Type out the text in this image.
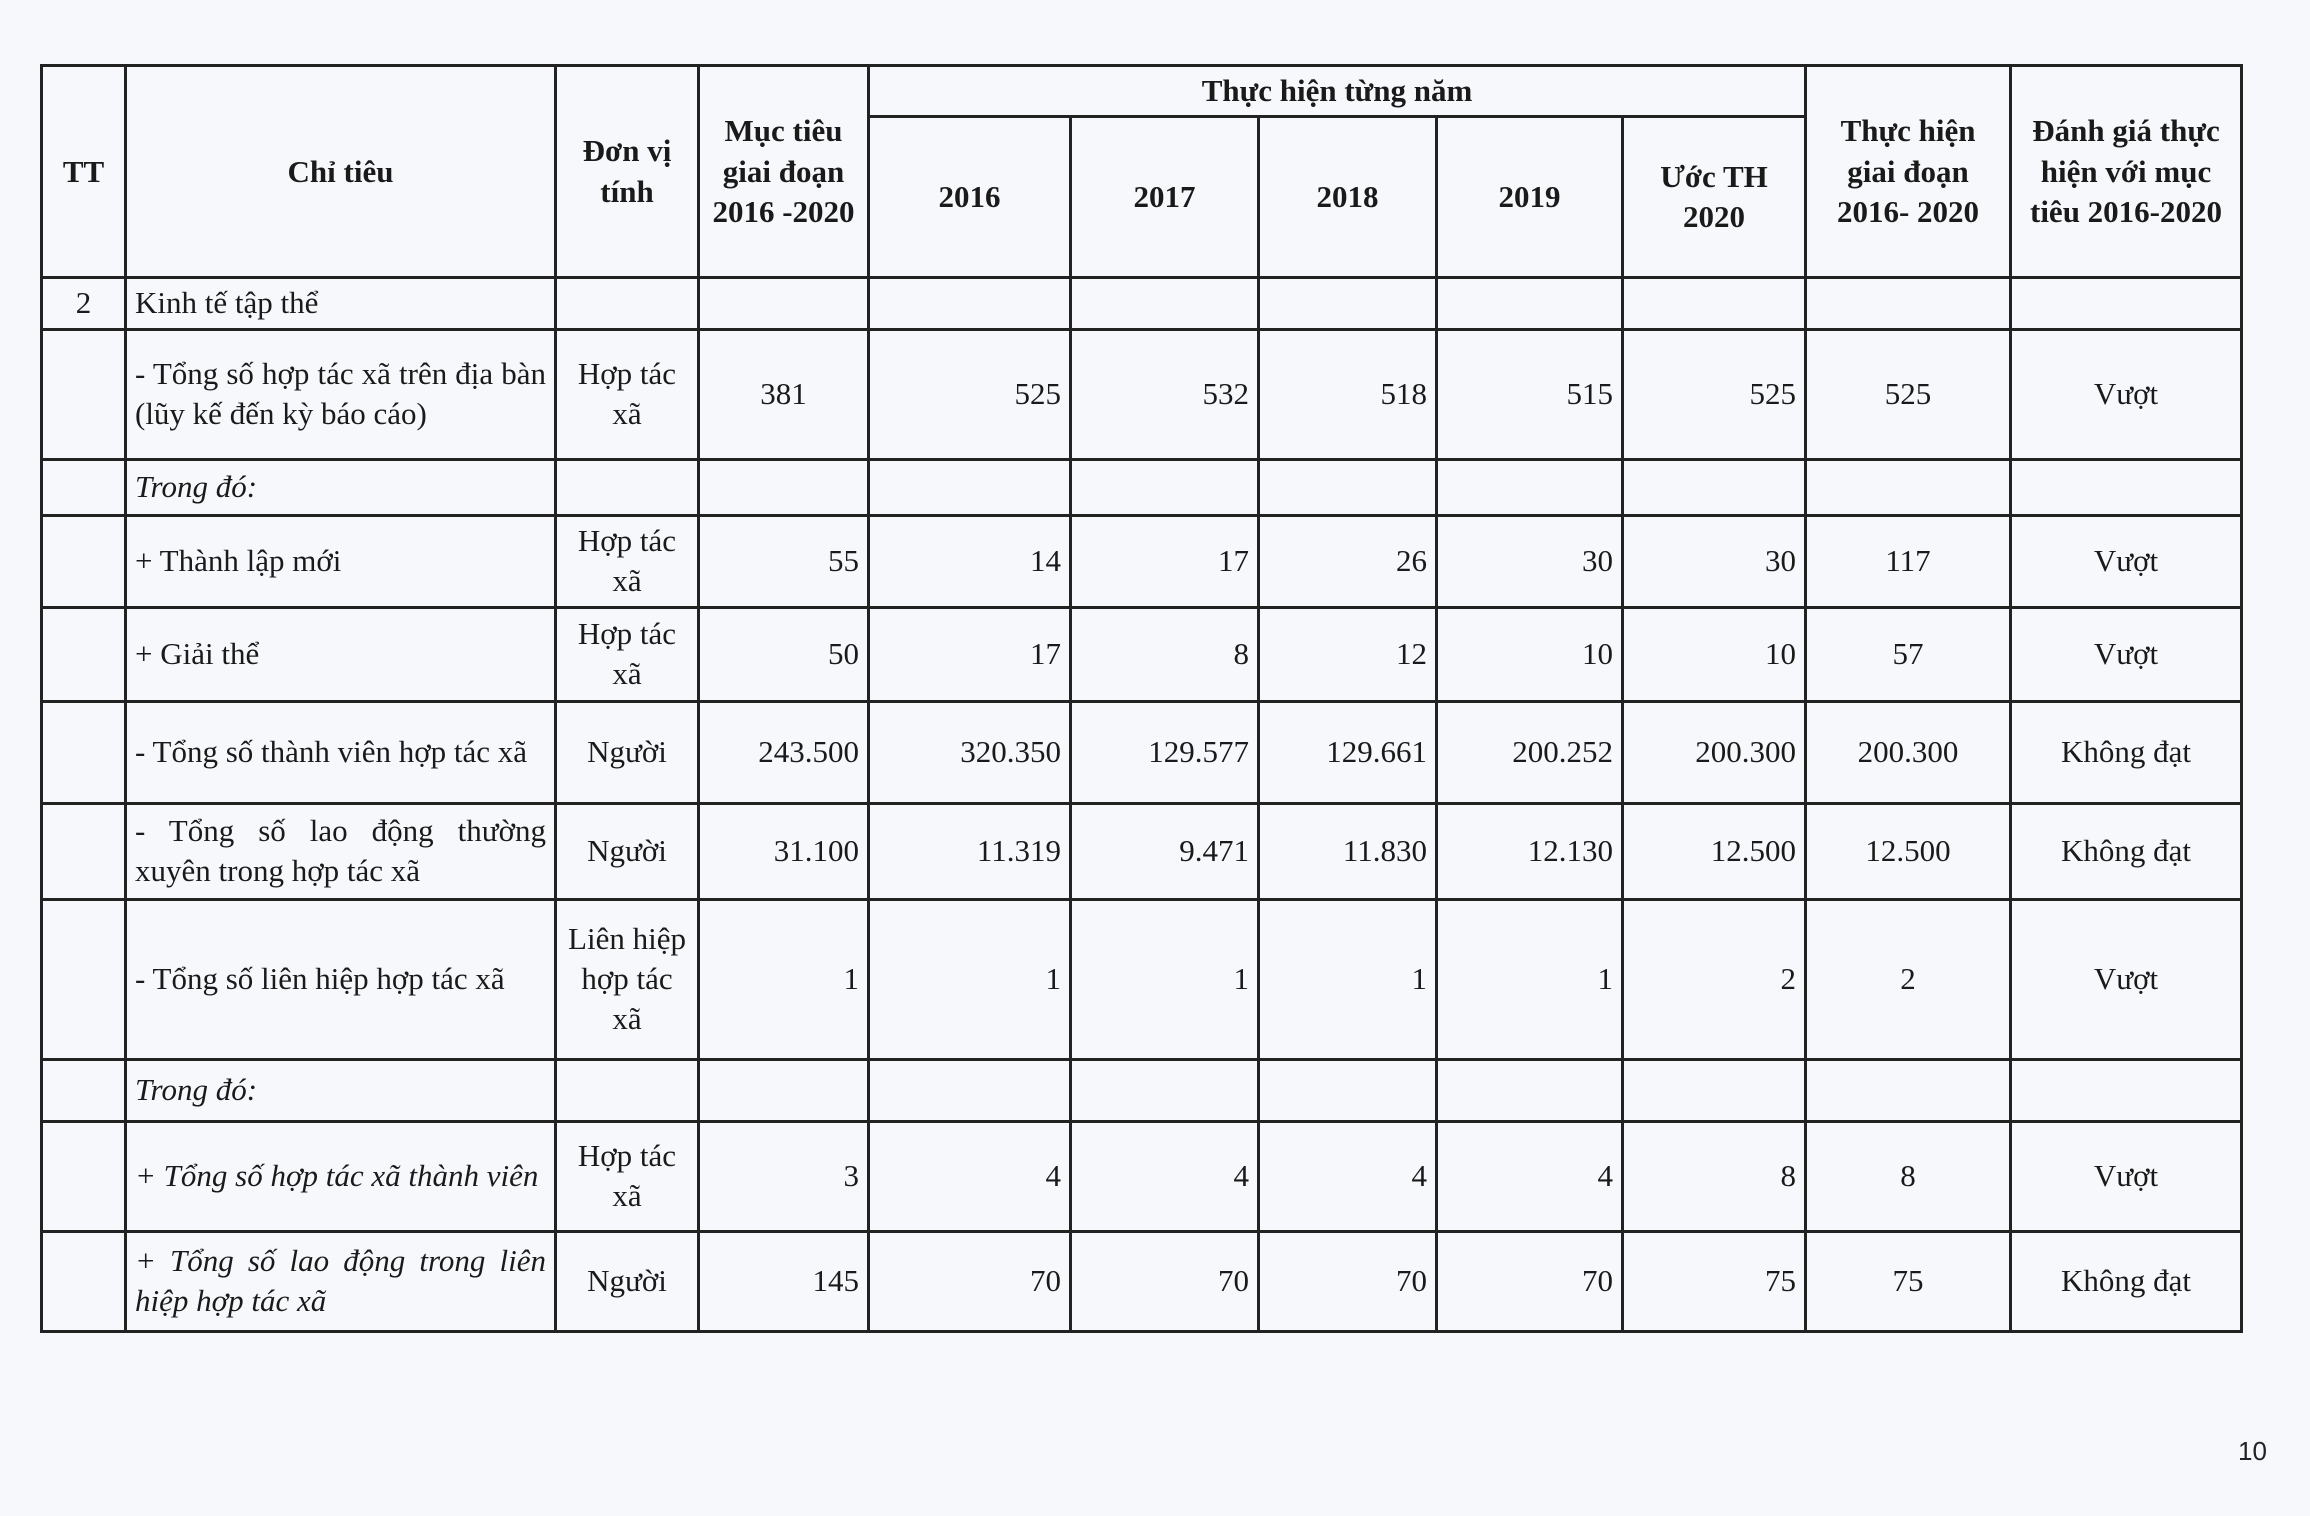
TT	Chỉ tiêu	Đơn vị tính	Mục tiêu giai đoạn 2016 -2020	Thực hiện từng năm					Thực hiện giai đoạn 2016- 2020	Đánh giá thực hiện với mục tiêu 2016-2020
				2016	2017	2018	2019	Ước TH 2020		
2	Kinh tế tập thể									
	- Tổng số hợp tác xã trên địa bàn (lũy kế đến kỳ báo cáo)	Hợp tác xã	381	525	532	518	515	525	525	Vượt
	Trong đó:									
	+ Thành lập mới	Hợp tác xã	55	14	17	26	30	30	117	Vượt
	+ Giải thể	Hợp tác xã	50	17	8	12	10	10	57	Vượt
	- Tổng số thành viên hợp tác xã	Người	243.500	320.350	129.577	129.661	200.252	200.300	200.300	Không đạt
	- Tổng số lao động thường xuyên trong hợp tác xã	Người	31.100	11.319	9.471	11.830	12.130	12.500	12.500	Không đạt
	- Tổng số liên hiệp hợp tác xã	Liên hiệp hợp tác xã	1	1	1	1	1	2	2	Vượt
	Trong đó:									
	+ Tổng số hợp tác xã thành viên	Hợp tác xã	3	4	4	4	4	8	8	Vượt
	+ Tổng số lao động trong liên hiệp hợp tác xã	Người	145	70	70	70	70	75	75	Không đạt
10
